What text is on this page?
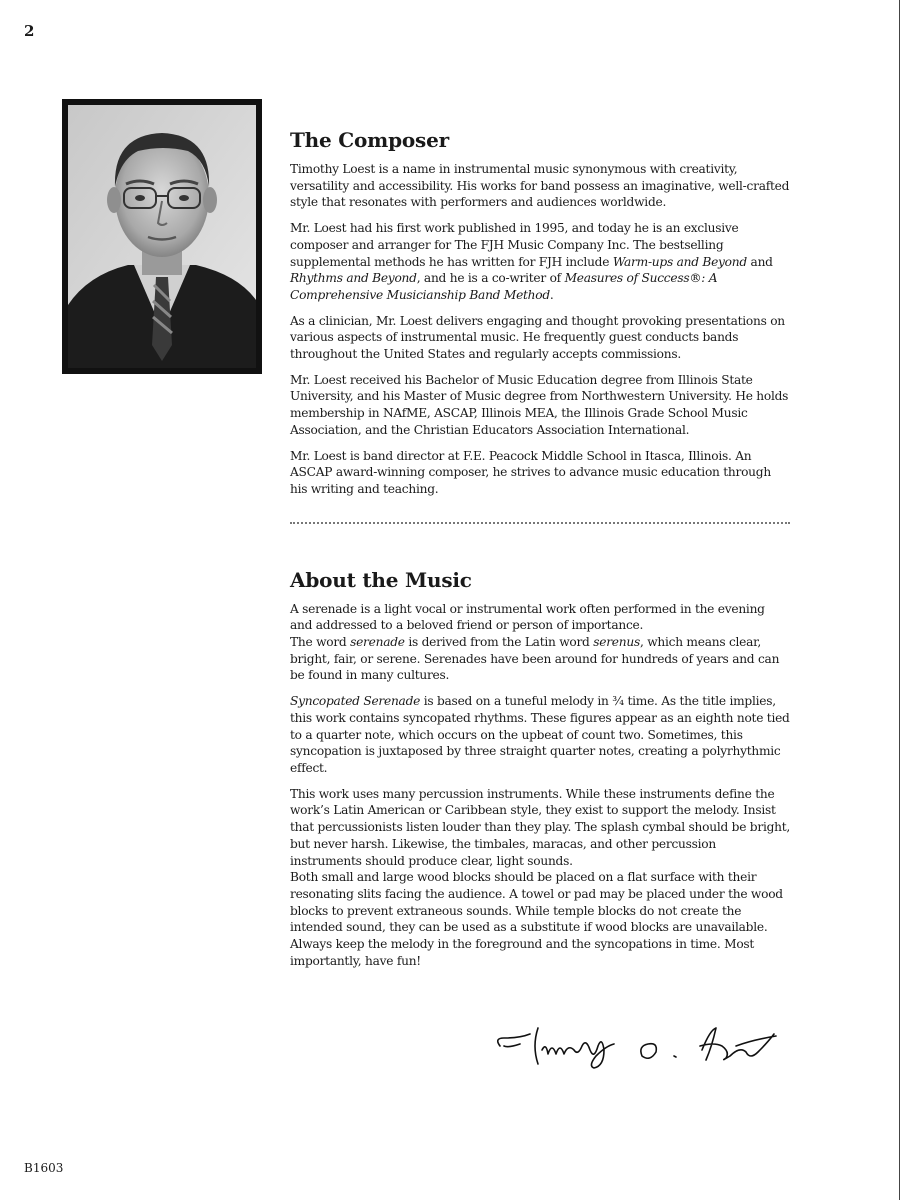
2
The Composer

Timothy Loest is a name in instrumental music synonymous with creativity, versatility and accessibility. His works for band possess an imaginative, well-crafted style that resonates with performers and audiences worldwide.

Mr. Loest had his first work published in 1995, and today he is an exclusive composer and arranger for The FJH Music Company Inc. The bestselling supplemental methods he has written for FJH include Warm-ups and Beyond and Rhythms and Beyond, and he is a co-writer of Measures of Success®: A Comprehensive Musicianship Band Method.

As a clinician, Mr. Loest delivers engaging and thought provoking presentations on various aspects of instrumental music. He frequently guest conducts bands throughout the United States and regularly accepts commissions.

Mr. Loest received his Bachelor of Music Education degree from Illinois State University, and his Master of Music degree from Northwestern University. He holds membership in NAfME, ASCAP, Illinois MEA, the Illinois Grade School Music Association, and the Christian Educators Association International.

Mr. Loest is band director at F.E. Peacock Middle School in Itasca, Illinois. An ASCAP award-winning composer, he strives to advance music education through his writing and teaching.

About the Music

A serenade is a light vocal or instrumental work often performed in the evening and addressed to a beloved friend or person of importance.
The word serenade is derived from the Latin word serenus, which means clear, bright, fair, or serene. Serenades have been around for hundreds of years and can be found in many cultures.

Syncopated Serenade is based on a tuneful melody in ¾ time. As the title implies, this work contains syncopated rhythms. These figures appear as an eighth note tied to a quarter note, which occurs on the upbeat of count two. Sometimes, this syncopation is juxtaposed by three straight quarter notes, creating a polyrhythmic effect.

This work uses many percussion instruments. While these instruments define the work’s Latin American or Caribbean style, they exist to support the melody. Insist that percussionists listen louder than they play. The splash cymbal should be bright, but never harsh. Likewise, the timbales, maracas, and other percussion instruments should produce clear, light sounds.
Both small and large wood blocks should be placed on a flat surface with their resonating slits facing the audience. A towel or pad may be placed under the wood blocks to prevent extraneous sounds. While temple blocks do not create the intended sound, they can be used as a substitute if wood blocks are unavailable. Always keep the melody in the foreground and the syncopations in time. Most importantly, have fun!

B1603
